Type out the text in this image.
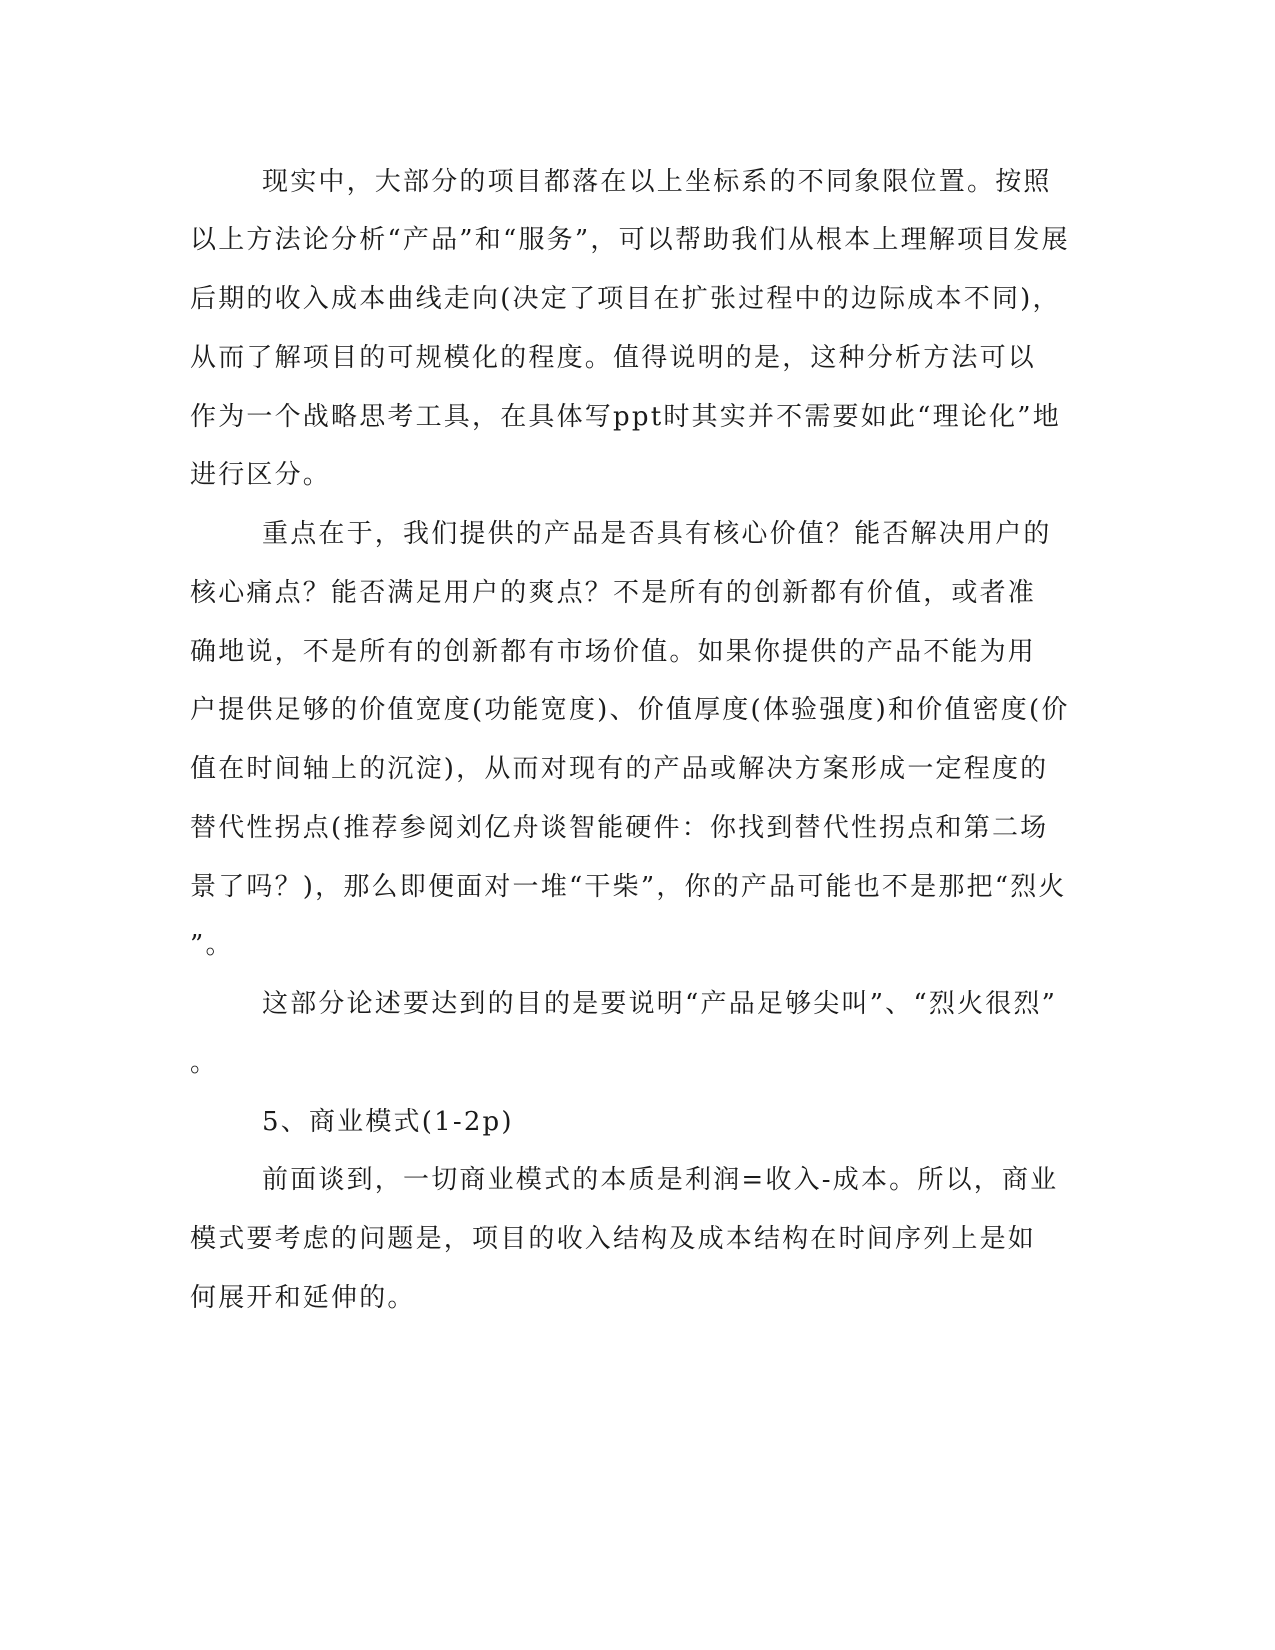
现实中，大部分的项目都落在以上坐标系的不同象限位置。按照
以上方法论分析“产品”和“服务”，可以帮助我们从根本上理解项目发展
后期的收入成本曲线走向(决定了项目在扩张过程中的边际成本不同)，
从而了解项目的可规模化的程度。值得说明的是，这种分析方法可以
作为一个战略思考工具，在具体写ppt时其实并不需要如此“理论化”地
进行区分。
重点在于，我们提供的产品是否具有核心价值？能否解决用户的
核心痛点？能否满足用户的爽点？不是所有的创新都有价值，或者准
确地说，不是所有的创新都有市场价值。如果你提供的产品不能为用
户提供足够的价值宽度(功能宽度)、价值厚度(体验强度)和价值密度(价
值在时间轴上的沉淀)，从而对现有的产品或解决方案形成一定程度的
替代性拐点(推荐参阅刘亿舟谈智能硬件：你找到替代性拐点和第二场
景了吗？)，那么即便面对一堆“干柴”，你的产品可能也不是那把“烈火
”。
这部分论述要达到的目的是要说明“产品足够尖叫”、“烈火很烈”
。
5、商业模式(1-2p)
前面谈到，一切商业模式的本质是利润=收入-成本。所以，商业
模式要考虑的问题是，项目的收入结构及成本结构在时间序列上是如
何展开和延伸的。
